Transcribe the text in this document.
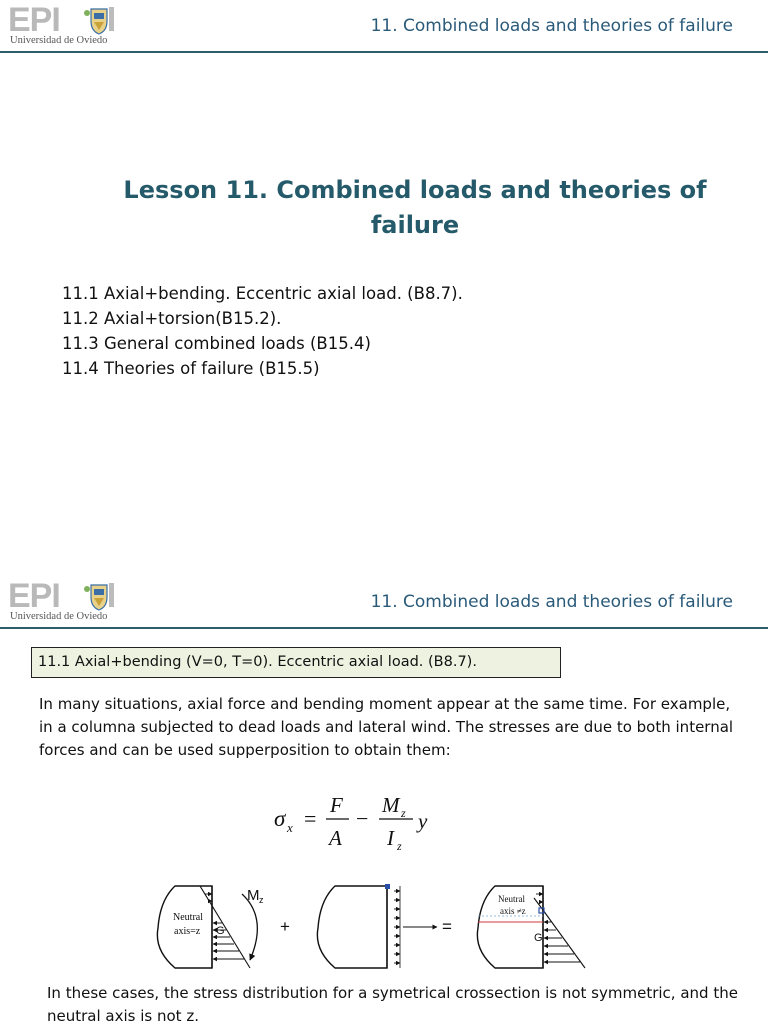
EPI
Universidad de Oviedo
11. Combined loads and theories of failure
Lesson 11. Combined loads and theories of failure
11.1 Axial+bending. Eccentric axial load. (B8.7).
11.2 Axial+torsion(B15.2).
11.3 General combined loads (B15.4)
11.4 Theories of failure (B15.5)
EPI
Universidad de Oviedo
11. Combined loads and theories of failure
11.1 Axial+bending (V=0, T=0). Eccentric axial load. (B8.7).

In many situations, axial force and bending moment appear at the same time. For example, in a columna subjected to dead loads and lateral wind. The stresses are due to both internal forces and can be used supperposition to obtain them:

σ x =
F
A
−
M z
I z
y
Neutral
axis=z G
M z
+	=
Neutral
axis ≠z
G

In these cases, the stress distribution for a symetrical crossection is not symmetric, and the neutral axis is not z.
